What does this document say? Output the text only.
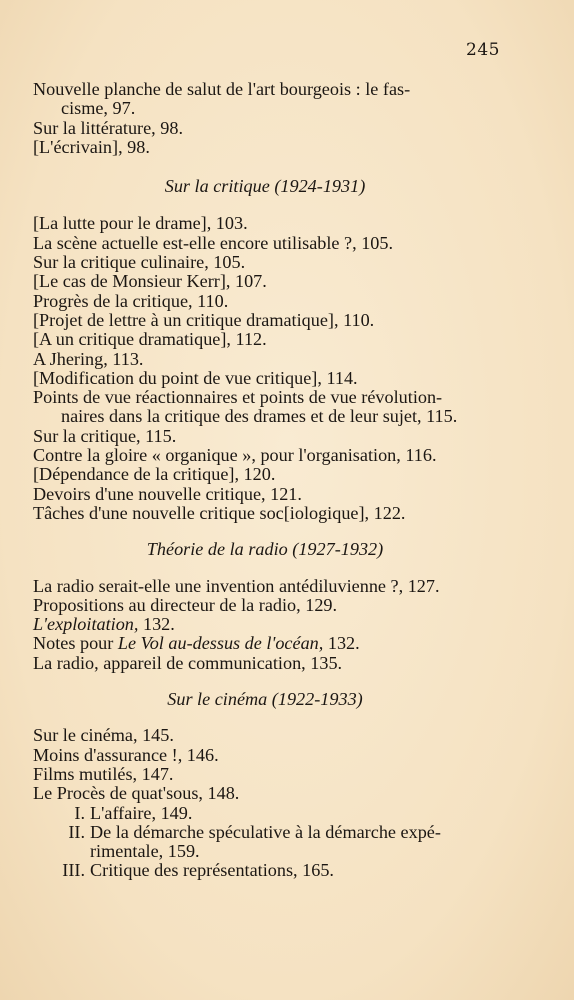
245
Nouvelle planche de salut de l'art bourgeois : le fas-
cisme, 97.
Sur la littérature, 98.
[L'écrivain], 98.
Sur la critique (1924-1931)
[La lutte pour le drame], 103.
La scène actuelle est-elle encore utilisable ?, 105.
Sur la critique culinaire, 105.
[Le cas de Monsieur Kerr], 107.
Progrès de la critique, 110.
[Projet de lettre à un critique dramatique], 110.
[A un critique dramatique], 112.
A Jhering, 113.
[Modification du point de vue critique], 114.
Points de vue réactionnaires et points de vue révolution-
naires dans la critique des drames et de leur sujet, 115.
Sur la critique, 115.
Contre la gloire « organique », pour l'organisation, 116.
[Dépendance de la critique], 120.
Devoirs d'une nouvelle critique, 121.
Tâches d'une nouvelle critique soc[iologique], 122.
Théorie de la radio (1927-1932)
La radio serait-elle une invention antédiluvienne ?, 127.
Propositions au directeur de la radio, 129.
L'exploitation, 132.
Notes pour Le Vol au-dessus de l'océan, 132.
La radio, appareil de communication, 135.
Sur le cinéma (1922-1933)
Sur le cinéma, 145.
Moins d'assurance !, 146.
Films mutilés, 147.
Le Procès de quat'sous, 148.
I. L'affaire, 149.
II. De la démarche spéculative à la démarche expé-
rimentale, 159.
III. Critique des représentations, 165.
